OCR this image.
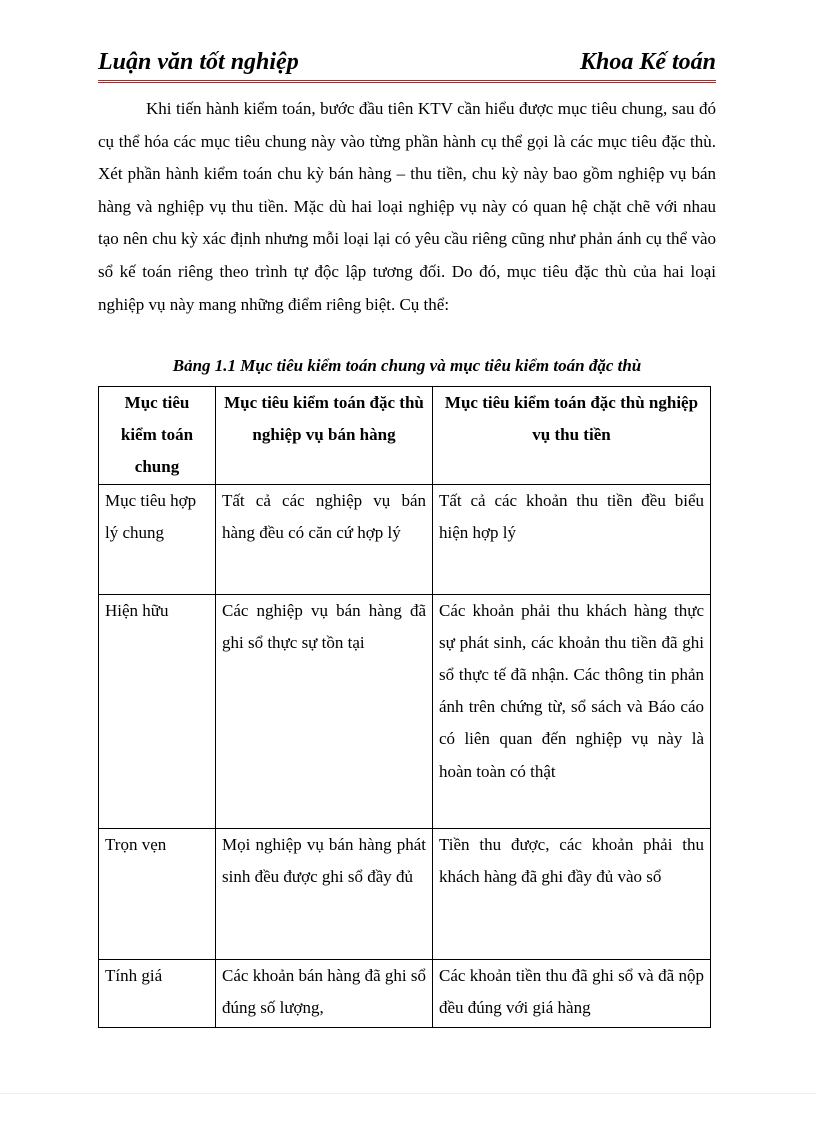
Luận văn tốt nghiệp	Khoa Kế toán

Khi tiến hành kiểm toán, bước đầu tiên KTV cần hiểu được mục tiêu chung, sau đó cụ thể hóa các mục tiêu chung này vào từng phần hành cụ thể gọi là các mục tiêu đặc thù. Xét phần hành kiểm toán chu kỳ bán hàng – thu tiền, chu kỳ này bao gồm nghiệp vụ bán hàng và nghiệp vụ thu tiền. Mặc dù hai loại nghiệp vụ này có quan hệ chặt chẽ với nhau tạo nên chu kỳ xác định nhưng mỗi loại lại có yêu cầu riêng cũng như phản ánh cụ thể vào sổ kế toán riêng theo trình tự độc lập tương đối. Do đó, mục tiêu đặc thù của hai loại nghiệp vụ này mang những điểm riêng biệt. Cụ thể:

Bảng 1.1 Mục tiêu kiểm toán chung và mục tiêu kiểm toán đặc thù

Mục tiêu kiểm toán chung	Mục tiêu kiểm toán đặc thù nghiệp vụ bán hàng	Mục tiêu kiểm toán đặc thù nghiệp vụ thu tiền
Mục tiêu hợp lý chung	Tất cả các nghiệp vụ bán hàng đều có căn cứ hợp lý	Tất cả các khoản thu tiền đều biểu hiện hợp lý
Hiện hữu	Các nghiệp vụ bán hàng đã ghi sổ thực sự tồn tại	Các khoản phải thu khách hàng thực sự phát sinh, các khoản thu tiền đã ghi sổ thực tế đã nhận. Các thông tin phản ánh trên chứng từ, sổ sách và Báo cáo có liên quan đến nghiệp vụ này là hoàn toàn có thật
Trọn vẹn	Mọi nghiệp vụ bán hàng phát sinh đều được ghi sổ đầy đủ	Tiền thu được, các khoản phải thu khách hàng đã ghi đầy đủ vào sổ
Tính giá	Các khoản bán hàng đã ghi sổ đúng số lượng,	Các khoản tiền thu đã ghi sổ và đã nộp đều đúng với giá hàng
